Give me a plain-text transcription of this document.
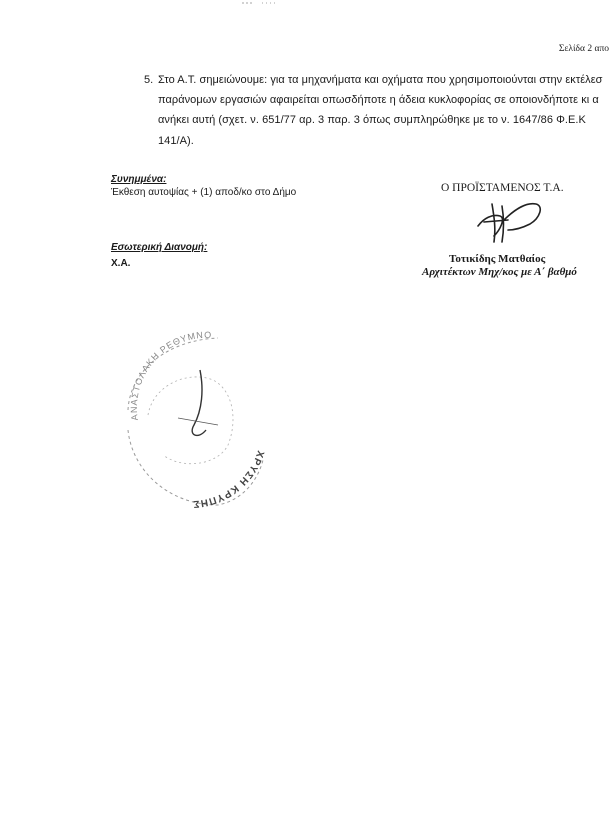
Σελίδα 2 απο
5. Στο Α.Τ. σημειώνουμε: για τα μηχανήματα και οχήματα που χρησιμοποιούνται στην εκτέλεσ
παράνομων εργασιών αφαιρείται οπωσδήποτε η άδεια κυκλοφορίας σε οποιονδήποτε κι α
ανήκει αυτή (σχετ. ν. 651/77 αρ. 3 παρ. 3 όπως συμπληρώθηκε με το ν. 1647/86 Φ.Ε.Κ
141/Α).
Συνημμένα:
Έκθεση αυτοψίας + (1) αποδ/κο στο Δήμο
Εσωτερική Διανομή:
Χ.Α.
Ο ΠΡΟΪΣΤΑΜΕΝΟΣ Τ.Α.
Τοτικίδης Ματθαίος
Αρχιτέκτων Μηχ/κος με Α΄ βαθμό
ΑΝΑΣΤΟΛΑΚΗ ΡΕΘΥΜΝΟ
ΧΡΥΣΗ ΚΡΥΠΗΣ
